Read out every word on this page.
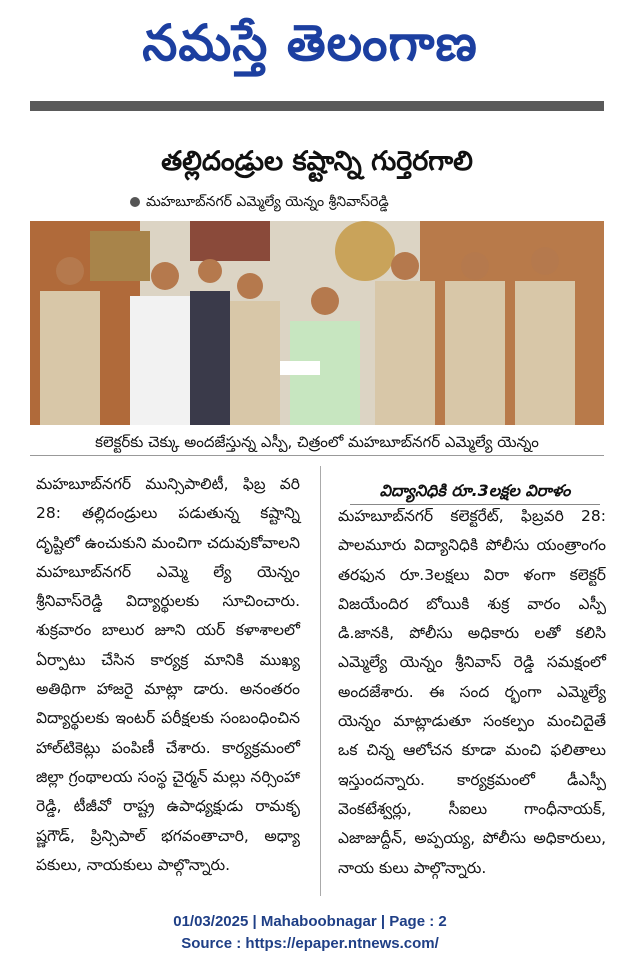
నమస్తే తెలంగాణ
తల్లిదండ్రుల కష్టాన్ని గుర్తెరగాలి
మహబూబ్‌నగర్ ఎమ్మెల్యే యెన్నం శ్రీనివాస్‌రెడ్డి
కలెక్టర్‌కు చెక్కు అందజేస్తున్న ఎస్పీ, చిత్రంలో మహబూబ్‌నగర్ ఎమ్మెల్యే యెన్నం

మహబూబ్‌నగర్ మున్సిపాలిటీ, ఫిబ్ర వరి 28: తల్లిదండ్రులు పడుతున్న కష్టాన్ని దృష్టిలో ఉంచుకుని మంచిగా చదువుకోవాలని మహబూబ్‌నగర్ ఎమ్మె ల్యే యెన్నం శ్రీనివాస్‌రెడ్డి విద్యార్థులకు సూచించారు. శుక్రవారం బాలుర జూని యర్ కళాశాలలో ఏర్పాటు చేసిన కార్యక్ర మానికి ముఖ్య అతిథిగా హాజరై మాట్లా డారు. అనంతరం విద్యార్థులకు ఇంటర్ పరీక్షలకు సంబంధించిన హాల్‌టికెట్లు పంపిణీ చేశారు. కార్యక్రమంలో జిల్లా గ్రంథాలయ సంస్థ చైర్మన్ మల్లు నర్సింహా రెడ్డి, టీజీవో రాష్ట్ర ఉపాధ్యక్షుడు రామకృ ష్ణగౌడ్, ప్రిన్సిపాల్ భగవంతాచారి, అధ్యా పకులు, నాయకులు పాల్గొన్నారు.

విద్యానిధికి రూ.3లక్షల విరాళం

మహబూబ్‌నగర్ కలెక్టరేట్, ఫిబ్రవరి 28: పాలమూరు విద్యానిధికి పోలీసు యంత్రాంగం తరఫున రూ.3లక్షలు విరా ళంగా కలెక్టర్ విజయేందిర బోయికి శుక్ర వారం ఎస్పీ డి.జానకి, పోలీసు అధికారు లతో కలిసి ఎమ్మెల్యే యెన్నం శ్రీనివాస్ రెడ్డి సమక్షంలో అందజేశారు. ఈ సంద ర్భంగా ఎమ్మెల్యే యెన్నం మాట్లాడుతూ సంకల్పం మంచిదైతే ఒక చిన్న ఆలోచన కూడా మంచి ఫలితాలు ఇస్తుందన్నారు. కార్యక్రమంలో డీఎస్పీ వెంకటేశ్వర్లు, సీఐలు గాంధీనాయక్, ఎజాజుద్దీన్, అప్పయ్య, పోలీసు అధికారులు, నాయ కులు పాల్గొన్నారు.

01/03/2025 | Mahaboobnagar | Page : 2
Source : https://epaper.ntnews.com/
